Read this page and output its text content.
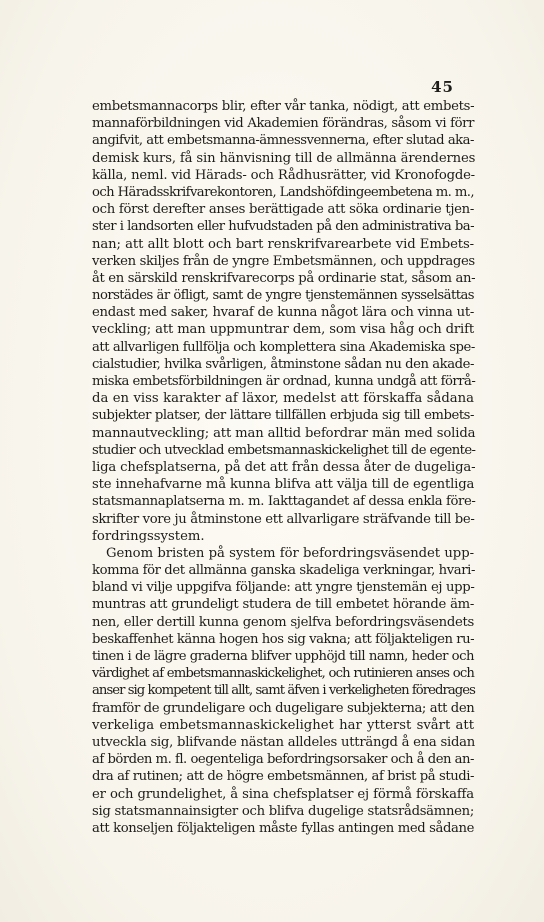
45

embetsmannacorps blir, efter vår tanka, nödigt, att embets-
mannaförbildningen vid Akademien förändras, såsom vi förr
angifvit, att embetsmanna-ämnessvennerna, efter slutad aka-
demisk kurs, få sin hänvisning till de allmänna ärendernes
källa, neml. vid Härads- och Rådhusrätter, vid Kronofogde-
och Häradsskrifvarekontoren, Landshöfdingeembetena m. m.,
och först derefter anses berättigade att söka ordinarie tjen-
ster i landsorten eller hufvudstaden på den administrativa ba-
nan; att allt blott och bart renskrifvarearbete vid Embets-
verken skiljes från de yngre Embetsmännen, och uppdrages
åt en särskild renskrifvarecorps på ordinarie stat, såsom an-
norstädes är öfligt, samt de yngre tjenstemännen sysselsättas
endast med saker, hvaraf de kunna något lära och vinna ut-
veckling; att man uppmuntrar dem, som visa håg och drift
att allvarligen fullfölja och komplettera sina Akademiska spe-
cialstudier, hvilka svårligen, åtminstone sådan nu den akade-
miska embetsförbildningen är ordnad, kunna undgå att förrå-
da en viss karakter af läxor, medelst att förskaffa sådana
subjekter platser, der lättare tillfällen erbjuda sig till embets-
mannautveckling; att man alltid befordrar män med solida
studier och utvecklad embetsmannaskickelighet till de egente-
liga chefsplatserna, på det att från dessa åter de dugeliga-
ste innehafvarne må kunna blifva att välja till de egentliga
statsmannaplatserna m. m. Iakttagandet af dessa enkla före-
skrifter vore ju åtminstone ett allvarligare sträfvande till be-
fordringssystem.

Genom bristen på system för befordringsväsendet upp-
komma för det allmänna ganska skadeliga verkningar, hvari-
bland vi vilje uppgifva följande: att yngre tjenstemän ej upp-
muntras att grundeligt studera de till embetet hörande äm-
nen, eller dertill kunna genom sjelfva befordringsväsendets
beskaffenhet känna hogen hos sig vakna; att följakteligen ru-
tinen i de lägre graderna blifver upphöjd till namn, heder och
värdighet af embetsmannaskickelighet, och rutinieren anses och
anser sig kompetent till allt, samt äfven i verkeligheten föredrages
framför de grundeligare och dugeligare subjekterna; att den
verkeliga embetsmannaskickelighet har ytterst svårt att
utveckla sig, blifvande nästan alldeles utträngd å ena sidan
af börden m. fl. oegenteliga befordringsorsaker och å den an-
dra af rutinen; att de högre embetsmännen, af brist på studi-
er och grundelighet, å sina chefsplatser ej förmå förskaffa
sig statsmannainsigter och blifva dugelige statsrådsämnen;
att konseljen följakteligen måste fyllas antingen med sådane
